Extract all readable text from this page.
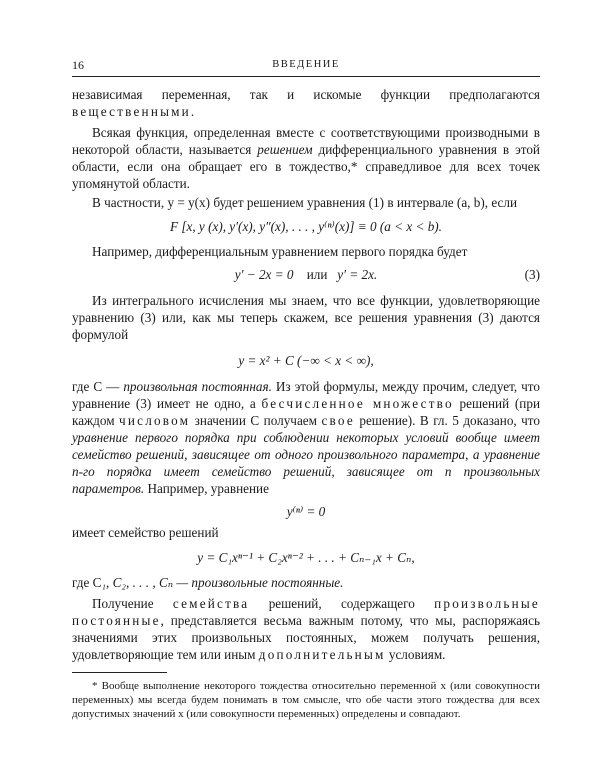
16	ВВЕДЕНИЕ

независимая переменная, так и искомые функции предполагаются вещественными.

Всякая функция, определенная вместе с соответствующими производными в некоторой области, называется решением дифференциального уравнения в этой области, если она обращает его в тождество,* справедливое для всех точек упомянутой области.

В частности, y = y(x) будет решением уравнения (1) в интервале (a, b), если

F [x, y (x), y′(x), y″(x), . . . , y⁽ⁿ⁾(x)] ≡ 0 (a < x < b).

Например, дифференциальным уравнением первого порядка будет

y′ − 2x = 0 или y′ = 2x.	(3)

Из интегрального исчисления мы знаем, что все функции, удовлетворяющие уравнению (3) или, как мы теперь скажем, все решения уравнения (3) даются формулой

y = x² + C (−∞ < x < ∞),

где C — произвольная постоянная. Из этой формулы, между прочим, следует, что уравнение (3) имеет не одно, а бесчисленное множество решений (при каждом числовом значении C получаем свое решение). В гл. 5 доказано, что уравнение первого порядка при соблюдении некоторых условий вообще имеет семейство решений, зависящее от одного произвольного параметра, а уравнение n-го порядка имеет семейство решений, зависящее от n произвольных параметров. Например, уравнение

y⁽ⁿ⁾ = 0

имеет семейство решений

y = C₁xⁿ⁻¹ + C₂xⁿ⁻² + . . . + Cₙ₋₁x + Cₙ,

где C₁, C₂, . . . , Cₙ — произвольные постоянные.

Получение семейства решений, содержащего произвольные постоянные, представляется весьма важным потому, что мы, распоряжаясь значениями этих произвольных постоянных, можем получать решения, удовлетворяющие тем или иным дополнительным условиям.

* Вообще выполнение некоторого тождества относительно переменной x (или совокупности переменных) мы всегда будем понимать в том смысле, что обе части этого тождества для всех допустимых значений x (или совокупности переменных) определены и совпадают.
